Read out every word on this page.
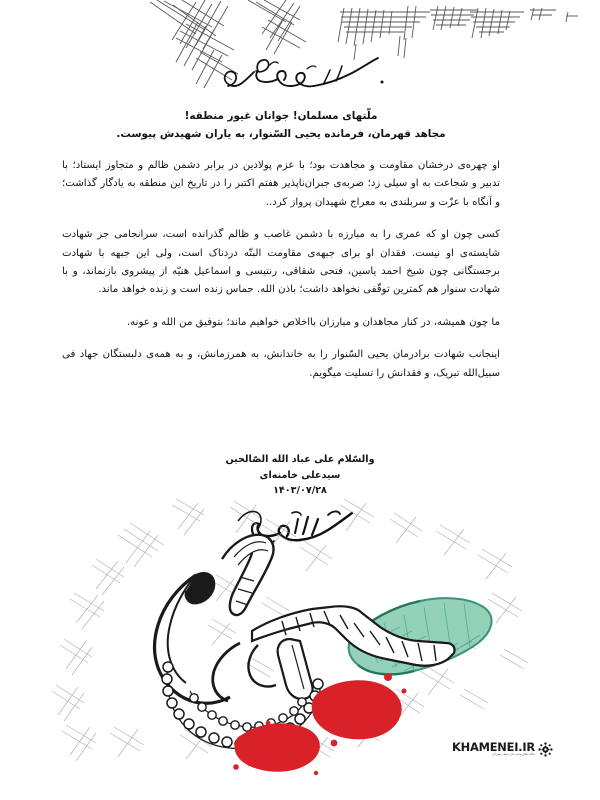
ملّتهای مسلمان! جوانان غیور منطقه!
مجاهد قهرمان، فرمانده یحیی السّنوار، به یاران شهیدش پیوست.

او چهره‌ی درخشان مقاومت و مجاهدت بود؛ با عزم پولادین در برابر دشمن ظالم و متجاوز ایستاد؛ با تدبیر و شجاعت به او سیلی زد؛ ضربه‌ی جبران‌ناپذیر هفتم اکتبر را در تاریخ این منطقه به یادگار گذاشت؛ و آنگاه با عزّت و سربلندی به معراج شهیدان پرواز کرد..

کسی چون او که عمری را به مبارزه با دشمن غاصب و ظالم گذرانده است، سرانجامی جز شهادت شایسته‌ی او نیست. فقدان او برای جبهه‌ی مقاومت البتّه دردناک است، ولی این جبهه با شهادت برجستگانی چون شیخ احمد یاسین، فتحی شقاقی، رنتیسی و اسماعیل هنیّه از پیشروی بازنماند، و با شهادت سنوار هم کمترین توقّفی نخواهد داشت؛ باذن الله. حماس زنده است و زنده خواهد ماند.

ما چون همیشه، در کنار مجاهدان و مبارزان بااخلاص خواهیم ماند؛ بتوفیق من الله و عونه.

اینجانب شهادت برادرمان یحیی السّنوار را به خاندانش، به همرزمانش، و به همه‌ی دلبستگان جهاد فی سبیل‌الله تبریک، و فقدانش را تسلیت میگویم.

والسّلام علی عباد الله الصّالحین
سیدعلی خامنه‌ای
۱۴۰۳/۰۷/۲۸
KHAMENEI.IR
پایگاه اطلاع‌رسانی دفتر حفظ و نشر آثار
